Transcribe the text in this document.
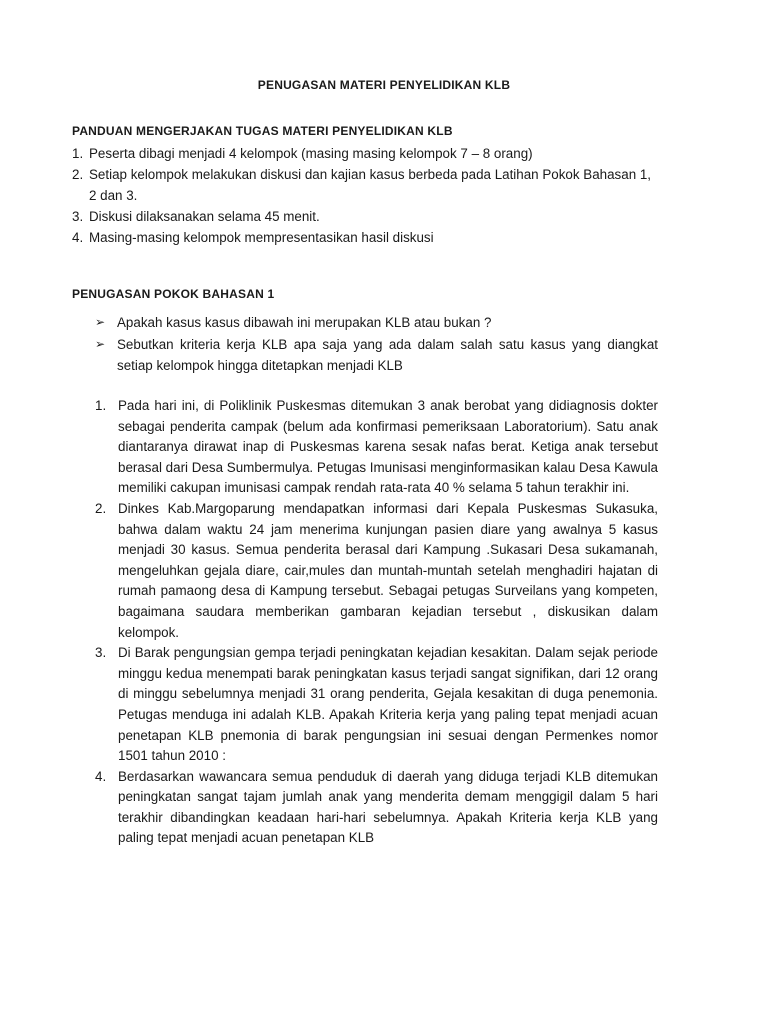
PENUGASAN MATERI PENYELIDIKAN KLB
PANDUAN MENGERJAKAN TUGAS MATERI PENYELIDIKAN KLB
1. Peserta dibagi menjadi 4 kelompok (masing masing kelompok 7 – 8 orang)
2. Setiap kelompok melakukan diskusi dan kajian kasus berbeda pada Latihan Pokok Bahasan 1, 2 dan 3.
3. Diskusi dilaksanakan selama 45 menit.
4. Masing-masing kelompok mempresentasikan hasil diskusi
PENUGASAN POKOK BAHASAN 1
➢ Apakah kasus kasus dibawah ini merupakan KLB atau bukan ?
➢ Sebutkan kriteria kerja KLB apa saja yang ada dalam salah satu kasus yang diangkat setiap kelompok hingga ditetapkan menjadi KLB
1. Pada hari ini, di Poliklinik Puskesmas ditemukan 3 anak berobat yang didiagnosis dokter sebagai penderita campak (belum ada konfirmasi pemeriksaan Laboratorium). Satu anak diantaranya dirawat inap di Puskesmas karena sesak nafas berat. Ketiga anak tersebut berasal dari Desa Sumbermulya. Petugas Imunisasi menginformasikan kalau Desa Kawula memiliki cakupan imunisasi campak rendah rata-rata 40 % selama 5 tahun terakhir ini.
2. Dinkes Kab.Margoparung mendapatkan informasi dari Kepala Puskesmas Sukasuka, bahwa dalam waktu 24 jam menerima kunjungan pasien diare yang awalnya 5 kasus menjadi 30 kasus. Semua penderita berasal dari Kampung .Sukasari Desa sukamanah, mengeluhkan gejala diare, cair,mules dan muntah-muntah setelah menghadiri hajatan di rumah pamaong desa di Kampung tersebut. Sebagai petugas Surveilans yang kompeten, bagaimana saudara memberikan gambaran kejadian tersebut , diskusikan dalam kelompok.
3. Di Barak pengungsian gempa terjadi peningkatan kejadian kesakitan. Dalam sejak periode minggu kedua menempati barak peningkatan kasus terjadi sangat signifikan, dari 12 orang di minggu sebelumnya menjadi 31 orang penderita, Gejala kesakitan di duga penemonia. Petugas menduga ini adalah KLB. Apakah Kriteria kerja yang paling tepat menjadi acuan penetapan KLB pnemonia di barak pengungsian ini sesuai dengan Permenkes nomor 1501 tahun 2010 :
4. Berdasarkan wawancara semua penduduk di daerah yang diduga terjadi KLB ditemukan peningkatan sangat tajam jumlah anak yang menderita demam menggigil dalam 5 hari terakhir dibandingkan keadaan hari-hari sebelumnya. Apakah Kriteria kerja KLB yang paling tepat menjadi acuan penetapan KLB
